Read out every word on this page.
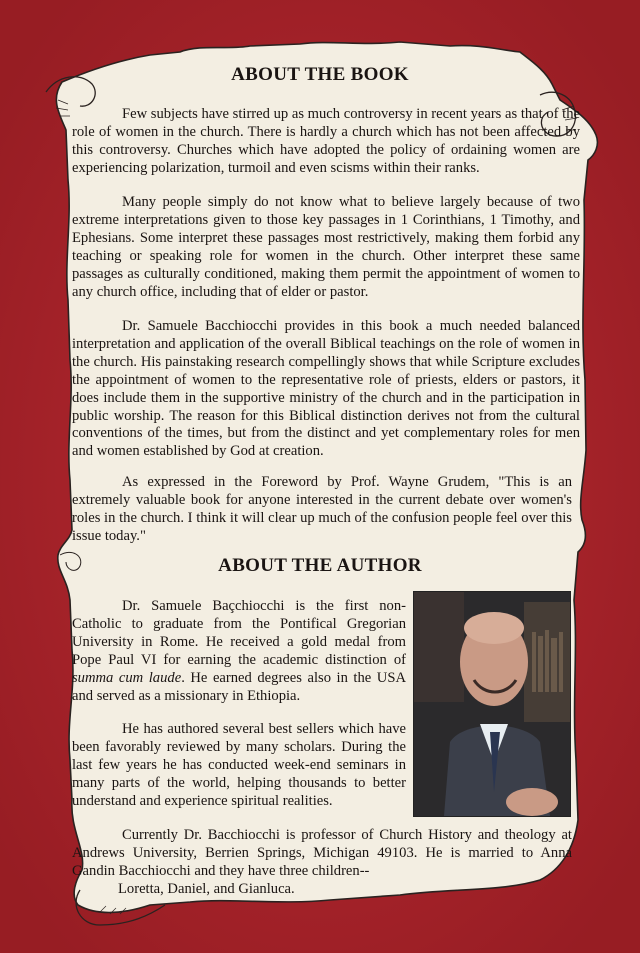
ABOUT THE BOOK

Few subjects have stirred up as much controversy in recent years as that of the role of women in the church. There is hardly a church which has not been affected by this controversy. Churches which have adopted the policy of ordaining women are experiencing polarization, turmoil and even scisms within their ranks.

Many people simply do not know what to believe largely because of two extreme interpretations given to those key passages in 1 Corinthians, 1 Timothy, and Ephesians. Some interpret these passages most restrictively, making them forbid any teaching or speaking role for women in the church. Other interpret these same passages as culturally conditioned, making them permit the appointment of women to any church office, including that of elder or pastor.

Dr. Samuele Bacchiocchi provides in this book a much needed balanced interpretation and application of the overall Biblical teachings on the role of women in the church. His painstaking research compellingly shows that while Scripture excludes the appointment of women to the representative role of priests, elders or pastors, it does include them in the supportive ministry of the church and in the participation in public worship. The reason for this Biblical distinction derives not from the cultural conventions of the times, but from the distinct and yet complementary roles for men and women established by God at creation.

As expressed in the Foreword by Prof. Wayne Grudem, "This is an extremely valuable book for anyone interested in the current debate over women's roles in the church. I think it will clear up much of the confusion people feel over this issue today."

ABOUT THE AUTHOR

Dr. Samuele Baçchiocchi is the first non-Catholic to graduate from the Pontifical Gregorian University in Rome. He received a gold medal from Pope Paul VI for earning the academic distinction of summa cum laude. He earned degrees also in the USA and served as a missionary in Ethiopia.

He has authored several best sellers which have been favorably reviewed by many scholars. During the last few years he has conducted week-end seminars in many parts of the world, helping thousands to better understand and experience spiritual realities.

Currently Dr. Bacchiocchi is professor of Church History and theology at Andrews University, Berrien Springs, Michigan 49103. He is married to Anna Gandin Bacchiocchi and they have three children--

Loretta, Daniel, and Gianluca.
